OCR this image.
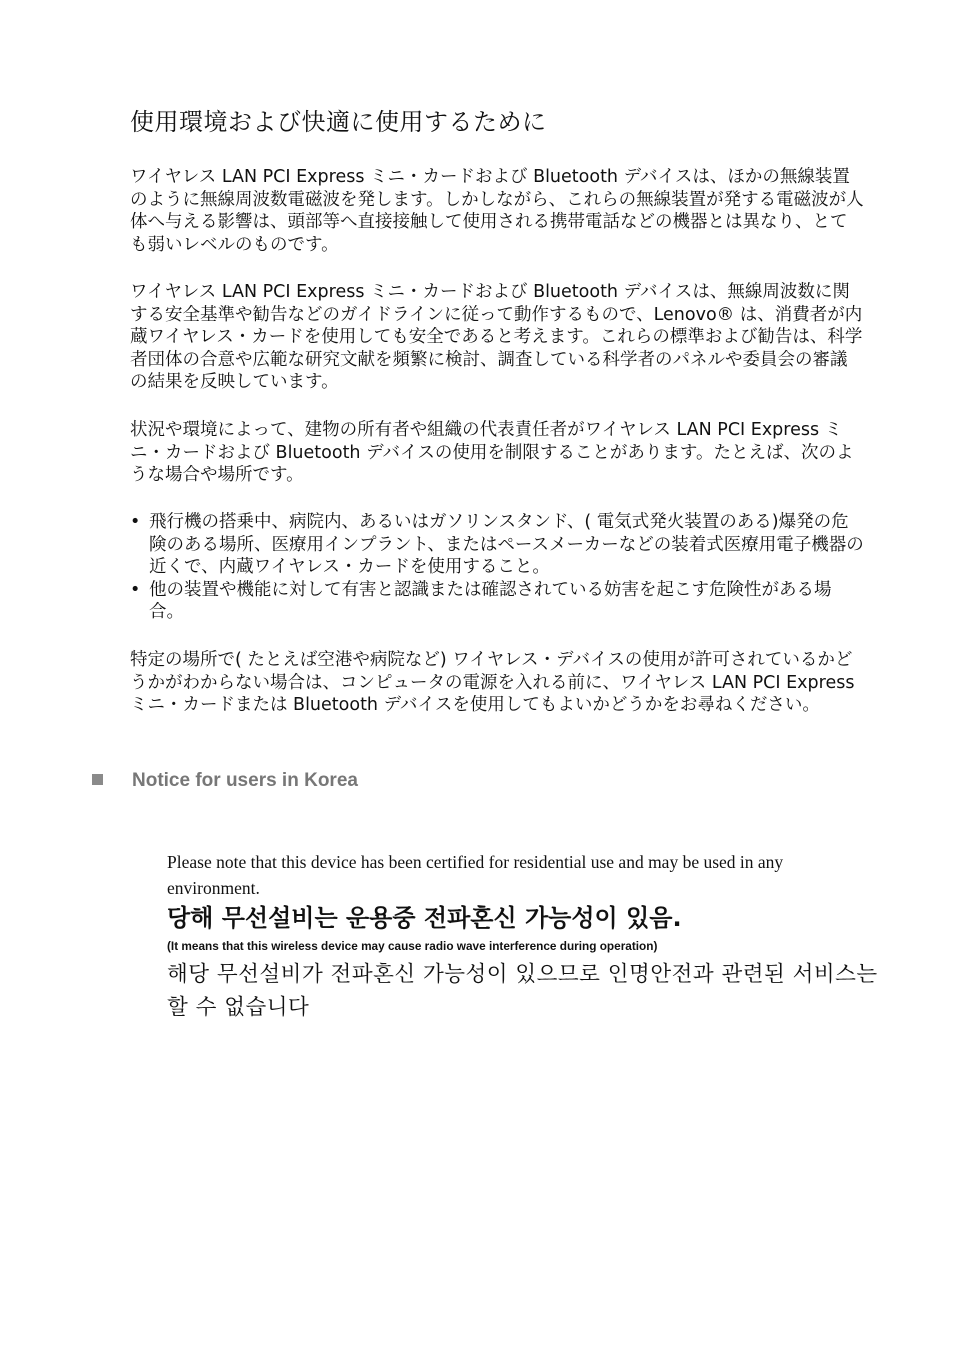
使用環境および快適に使用するために

ワイヤレス LAN PCI Express ミニ・カードおよび Bluetooth デバイスは、ほかの無線装置のように無線周波数電磁波を発します。しかしながら、これらの無線装置が発する電磁波が人体へ与える影響は、頭部等へ直接接触して使用される携帯電話などの機器とは異なり、とても弱いレベルのものです。

ワイヤレス LAN PCI Express ミニ・カードおよび Bluetooth デバイスは、無線周波数に関する安全基準や勧告などのガイドラインに従って動作するもので、Lenovo® は、消費者が内蔵ワイヤレス・カードを使用しても安全であると考えます。これらの標準および勧告は、科学者団体の合意や広範な研究文献を頻繁に検討、調査している科学者のパネルや委員会の審議の結果を反映しています。

状況や環境によって、建物の所有者や組織の代表責任者がワイヤレス LAN PCI Express ミニ・カードおよび Bluetooth デバイスの使用を制限することがあります。たとえば、次のような場合や場所です。

• 飛行機の搭乗中、病院内、あるいはガソリンスタンド、( 電気式発火装置のある)爆発の危険のある場所、医療用インプラント、またはペースメーカーなどの装着式医療用電子機器の近くで、内蔵ワイヤレス・カードを使用すること。
• 他の装置や機能に対して有害と認識または確認されている妨害を起こす危険性がある場合。

特定の場所で( たとえば空港や病院など) ワイヤレス・デバイスの使用が許可されているかどうかがわからない場合は、コンピュータの電源を入れる前に、ワイヤレス LAN PCI Express ミニ・カードまたは Bluetooth デバイスを使用してもよいかどうかをお尋ねください。

Notice for users in Korea

Please note that this device has been certified for residential use and may be used in any environment.

당해 무선설비는 운용중 전파혼신 가능성이 있음.

(It means that this wireless device may cause radio wave interference during operation)

해당 무선설비가 전파혼신 가능성이 있으므로 인명안전과 관련된 서비스는 할 수 없습니다
